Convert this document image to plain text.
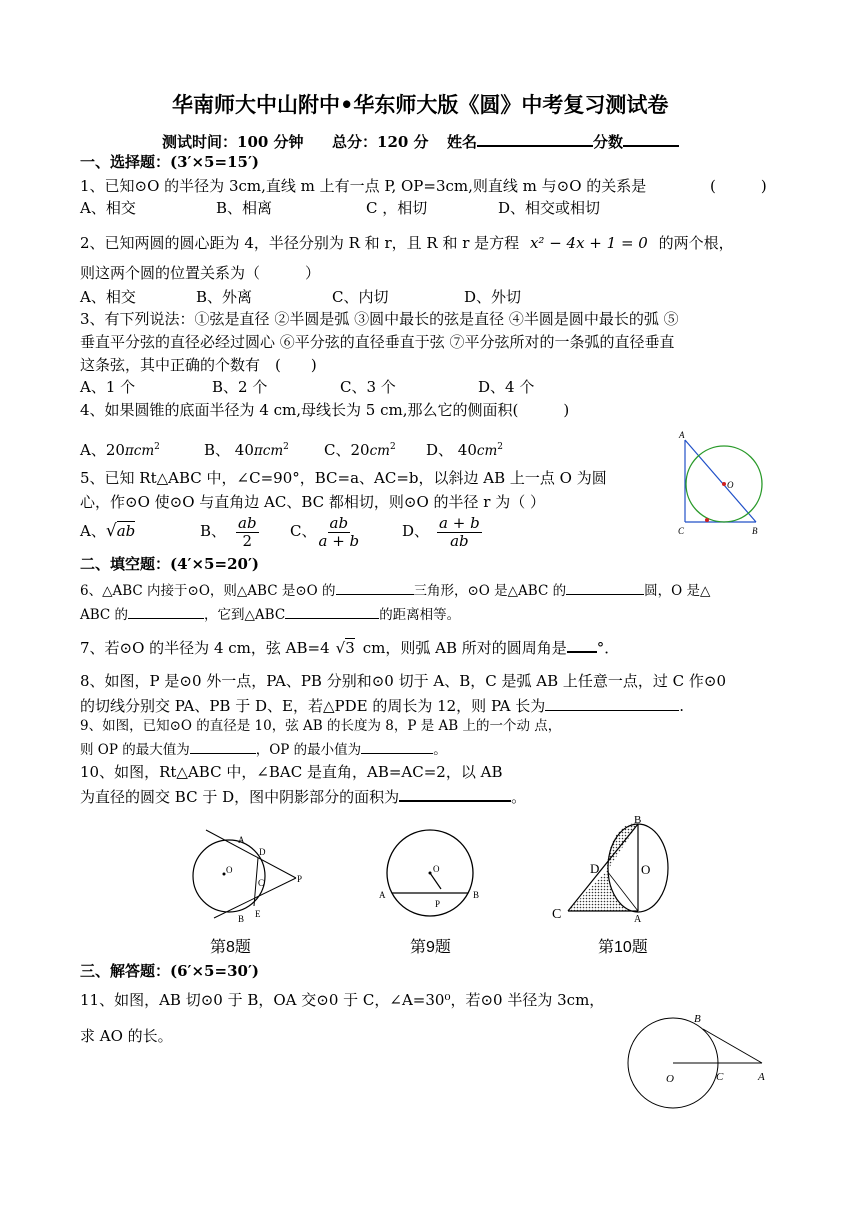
华南师大中山附中•华东师大版《圆》中考复习测试卷
测试时间：100 分钟 总分：120 分 姓名	分数
一、选择题：(3′×5=15′)
1、已知⊙O 的半径为 3cm,直线 m 上有一点 P, OP=3cm,则直线 m 与⊙O 的关系是	(　　　)
A、相交	B、相离	C ，相切	D、相交或相切
2、已知两圆的圆心距为 4，半径分别为 R 和 r，且 R 和 r 是方程 x² − 4x + 1 = 0 的两个根，
则这两个圆的位置关系为（　　　）
A、相交	B、外离	C、内切	D、外切
3、有下列说法：①弦是直径 ②半圆是弧 ③圆中最长的弦是直径 ④半圆是圆中最长的弧 ⑤
垂直平分弦的直径必经过圆心 ⑥平分弦的直径垂直于弦 ⑦平分弦所对的一条弧的直径垂直
这条弦，其中正确的个数有　(　　)
A、1 个	B、2 个	C、3 个	D、4 个
4、如果圆锥的底面半径为 4 cm,母线长为 5 cm,那么它的侧面积(　　　)
A、20πcm$^2$	B、 40πcm$^2$ C、$20cm^2$ D、 $40cm^2$
5、已知 Rt△ABC 中，∠C=90°，BC=a、AC=b，以斜边 AB 上一点 O 为圆
心，作⊙O 使⊙O 与直角边 AC、BC 都相切，则⊙O 的半径 r 为（ ）
A、√ab	B、 $\frac{ab}{2}$ C、 $\frac{ab}{a + b}$	D、 $\frac{a + b}{ab}$
A
O
C	B
二、填空题：(4′×5=20′)
6、△ABC 内接于⊙O，则△ABC 是⊙O 的	三角形，⊙O 是△ABC 的	圆，O 是△
ABC 的	，它到△ABC	的距离相等。
7、若⊙O 的半径为 4 cm，弦 AB=4 √3 cm，则弧 AB 所对的圆周角是 °．
8、如图，P 是⊙0 外一点，PA、PB 分别和⊙0 切于 A、B，C 是弧 AB 上任意一点，过 C 作⊙0
的切线分别交 PA、PB 于 D、E，若△PDE 的周长为 12，则 PA 长为	.
9、如图，已知⊙O 的直径是 10，弦 AB 的长度为 8，P 是 AB 上的一个动 点，
则 OP 的最大值为	，OP 的最小值为	。
10、如图，Rt△ABC 中，∠BAC 是直角，AB=AC=2，以 AB
为直径的圆交 BC 于 D，图中阴影部分的面积为	。
A
D
O
C	P
B E
第8题
O
A
P
B
第9题
B
D	O
C	A
第10题
三、解答题：(6′×5=30′)
11、如图，AB 切⊙0 于 B，OA 交⊙0 于 C，∠A=30⁰，若⊙0 半径为 3cm，
求 AO 的长。
B
O	C	A
